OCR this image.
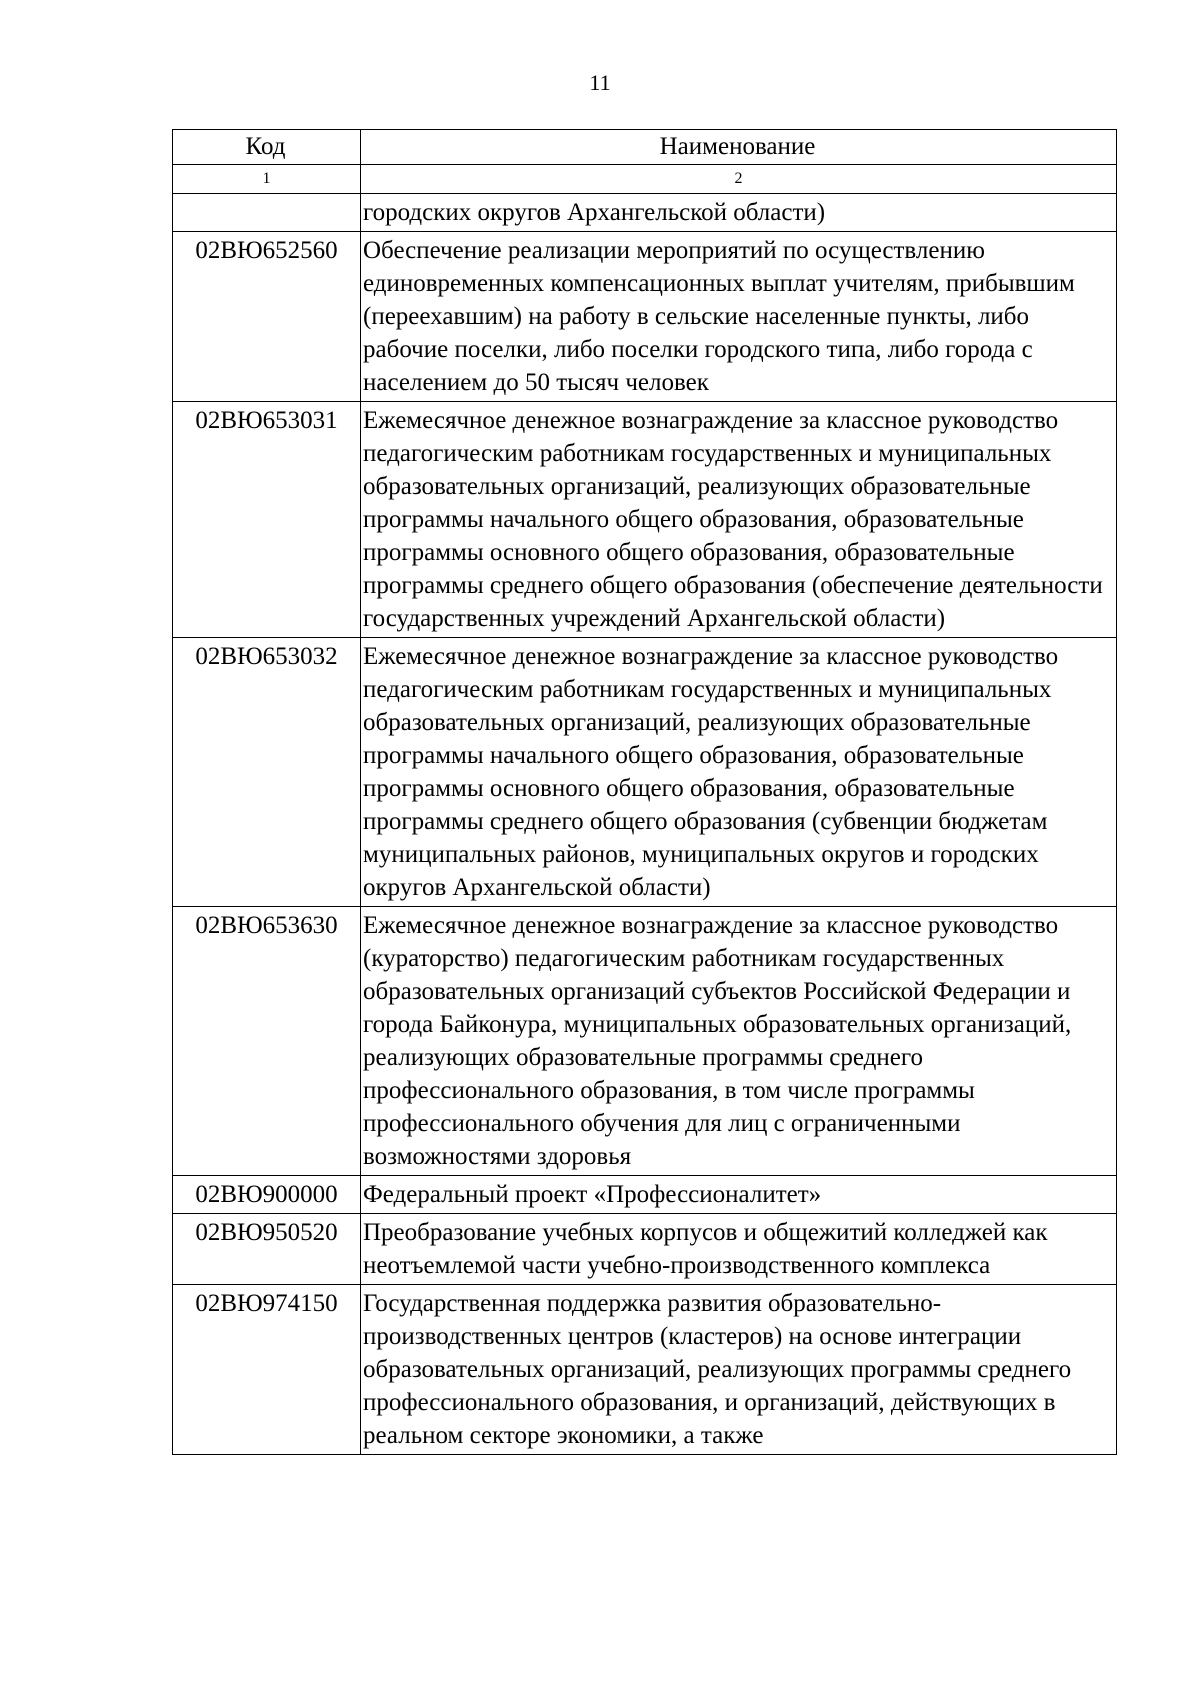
11
Код	Наименование
1	2
	городских округов Архангельской области)
02ВЮ652560	Обеспечение реализации мероприятий по осуществлению единовременных компенсационных выплат учителям, прибывшим (переехавшим) на работу в сельские населенные пункты, либо рабочие поселки, либо поселки городского типа, либо города с населением до 50 тысяч человек
02ВЮ653031	Ежемесячное денежное вознаграждение за классное руководство педагогическим работникам государственных и муниципальных образовательных организаций, реализующих образовательные программы начального общего образования, образовательные программы основного общего образования, образовательные программы среднего общего образования (обеспечение деятельности государственных учреждений Архангельской области)
02ВЮ653032	Ежемесячное денежное вознаграждение за классное руководство педагогическим работникам государственных и муниципальных образовательных организаций, реализующих образовательные программы начального общего образования, образовательные программы основного общего образования, образовательные программы среднего общего образования (субвенции бюджетам муниципальных районов, муниципальных округов и городских округов Архангельской области)
02ВЮ653630	Ежемесячное денежное вознаграждение за классное руководство (кураторство) педагогическим работникам государственных образовательных организаций субъектов Российской Федерации и города Байконура, муниципальных образовательных организаций, реализующих образовательные программы среднего профессионального образования, в том числе программы профессионального обучения для лиц с ограниченными возможностями здоровья
02ВЮ900000	Федеральный проект «Профессионалитет»
02ВЮ950520	Преобразование учебных корпусов и общежитий колледжей как неотъемлемой части учебно-производственного комплекса
02ВЮ974150	Государственная поддержка развития образовательно-производственных центров (кластеров) на основе интеграции образовательных организаций, реализующих программы среднего профессионального образования, и организаций, действующих в реальном секторе экономики, а также
